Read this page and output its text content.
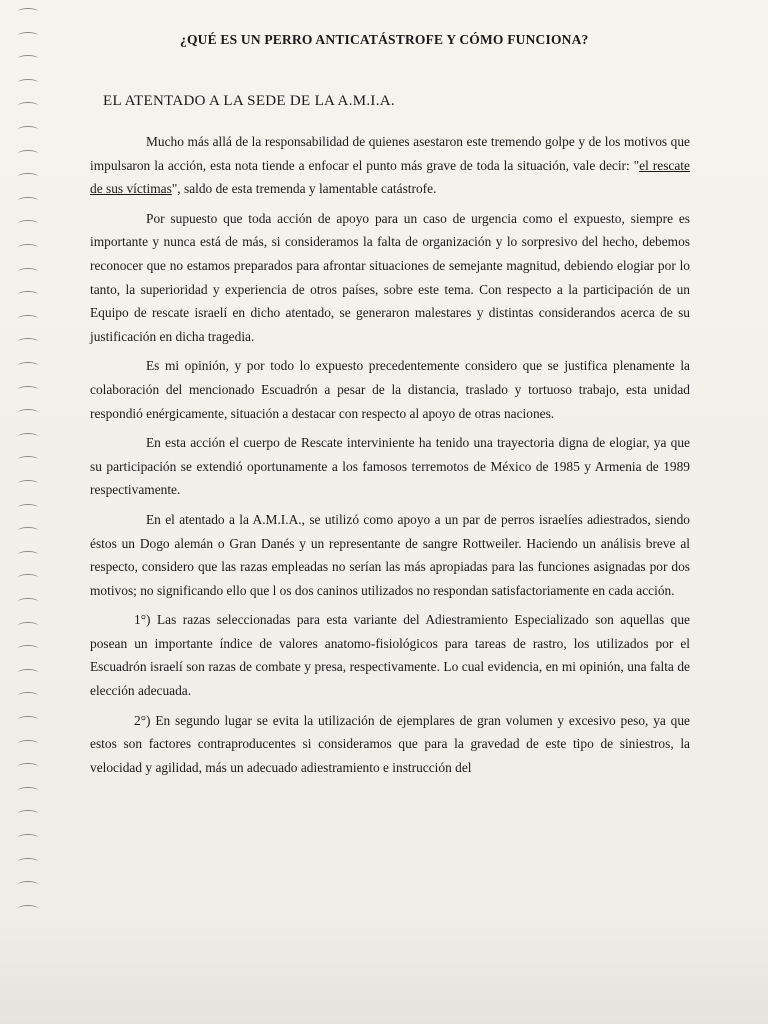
¿QUÉ ES UN PERRO ANTICATÁSTROFE Y CÓMO FUNCIONA?
EL ATENTADO A LA SEDE DE LA A.M.I.A.

Mucho más allá de la responsabilidad de quienes asestaron este tremendo golpe y de los motivos que impulsaron la acción, esta nota tiende a enfocar el punto más grave de toda la situación, vale decir: "el rescate de sus víctimas", saldo de esta tremenda y lamentable catástrofe.

Por supuesto que toda acción de apoyo para un caso de urgencia como el expuesto, siempre es importante y nunca está de más, si consideramos la falta de organización y lo sorpresivo del hecho, debemos reconocer que no estamos preparados para afrontar situaciones de semejante magnitud, debiendo elogiar por lo tanto, la superioridad y experiencia de otros países, sobre este tema. Con respecto a la participación de un Equipo de rescate israelí en dicho atentado, se generaron malestares y distintas considerandos acerca de su justificación en dicha tragedia.

Es mi opinión, y por todo lo expuesto precedentemente considero que se justifica plenamente la colaboración del mencionado Escuadrón a pesar de la distancia, traslado y tortuoso trabajo, esta unidad respondió enérgicamente, situación a destacar con respecto al apoyo de otras naciones.

En esta acción el cuerpo de Rescate interviniente ha tenido una trayectoria digna de elogiar, ya que su participación se extendió oportunamente a los famosos terremotos de México de 1985 y Armenia de 1989 respectivamente.

En el atentado a la A.M.I.A., se utilizó como apoyo a un par de perros israelíes adiestrados, siendo éstos un Dogo alemán o Gran Danés y un representante de sangre Rottweiler. Haciendo un análisis breve al respecto, considero que las razas empleadas no serían las más apropiadas para las funciones asignadas por dos motivos; no significando ello que l os dos caninos utilizados no respondan satisfactoriamente en cada acción.

1°) Las razas seleccionadas para esta variante del Adiestramiento Especializado son aquellas que posean un importante índice de valores anatomo-fisiológicos para tareas de rastro, los utilizados por el Escuadrón israelí son razas de combate y presa, respectivamente. Lo cual evidencia, en mi opinión, una falta de elección adecuada.

2°) En segundo lugar se evita la utilización de ejemplares de gran volumen y excesivo peso, ya que estos son factores contraproducentes si consideramos que para la gravedad de este tipo de siniestros, la velocidad y agilidad, más un adecuado adiestramiento e instrucción del
